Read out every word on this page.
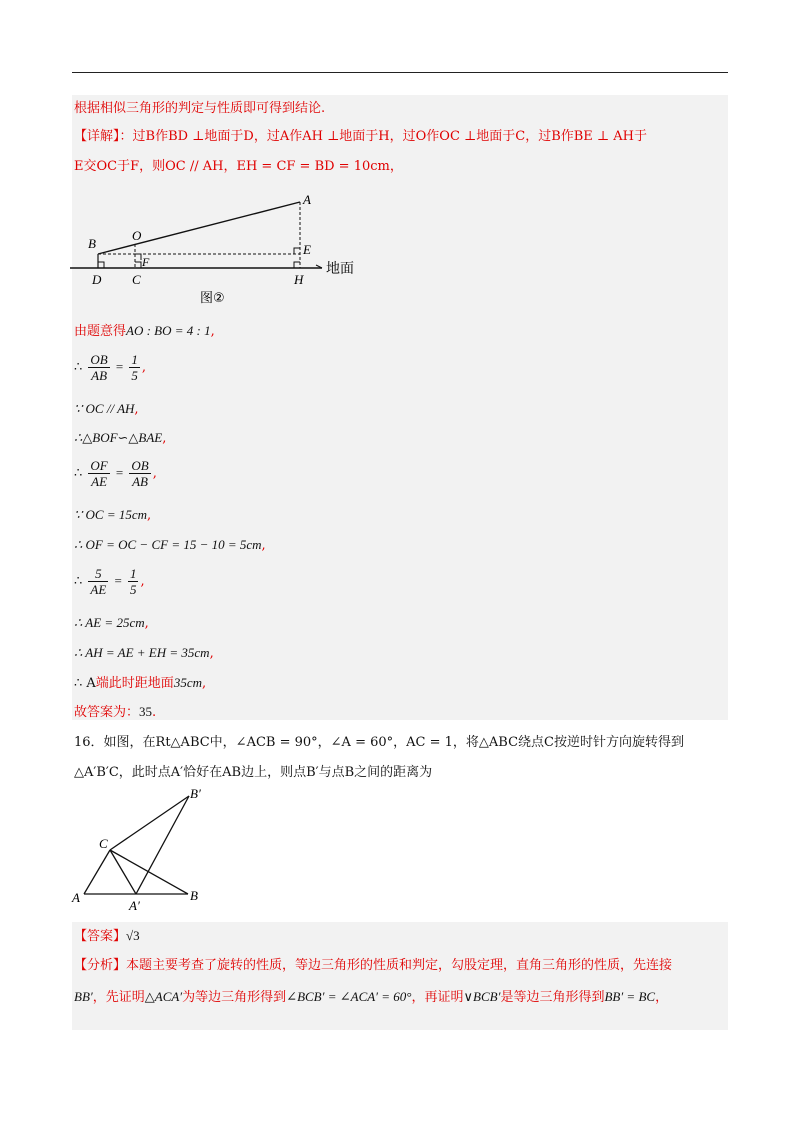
根据相似三角形的判定与性质即可得到结论.
【详解】：过B作BD ⊥地面于D，过A作AH ⊥地面于H，过O作OC ⊥地面于C，过B作BE ⊥ AH于
E交OC于F，则OC // AH，EH = CF = BD = 10cm，
A
B
O
E
F
D C	H
地面
图②
由题意得AO : BO = 4 : 1,
∴ $\frac{OB}{AB} = \frac{1}{5}$ ,
∵ OC // AH,
∴△BOF∽△BAE,
∴ $\frac{OF}{AE} = \frac{OB}{AB}$ ,
∵ OC = 15cm,
∴ OF = OC − CF = 15 − 10 = 5cm,
∴ $\frac{5}{AE} = \frac{1}{5}$ ,
∴ AE = 25cm,
∴ AH = AE + EH = 35cm,
∴ A端此时距地面35cm,
故答案为：35.
16．如图，在Rt△ABC中，∠ACB = 90°，∠A = 60°，AC = 1，将△ABC绕点C按逆时针方向旋转得到
△A′B′C，此时点A′恰好在AB边上，则点B′与点B之间的距离为
B′
C
A
A′
B
【答案】√3
【分析】本题主要考查了旋转的性质，等边三角形的性质和判定，勾股定理，直角三角形的性质，先连接
BB′，先证明△ACA′为等边三角形得到∠BCB′ = ∠ACA′ = 60°，再证明∨BCB′是等边三角形得到BB′ = BC，
